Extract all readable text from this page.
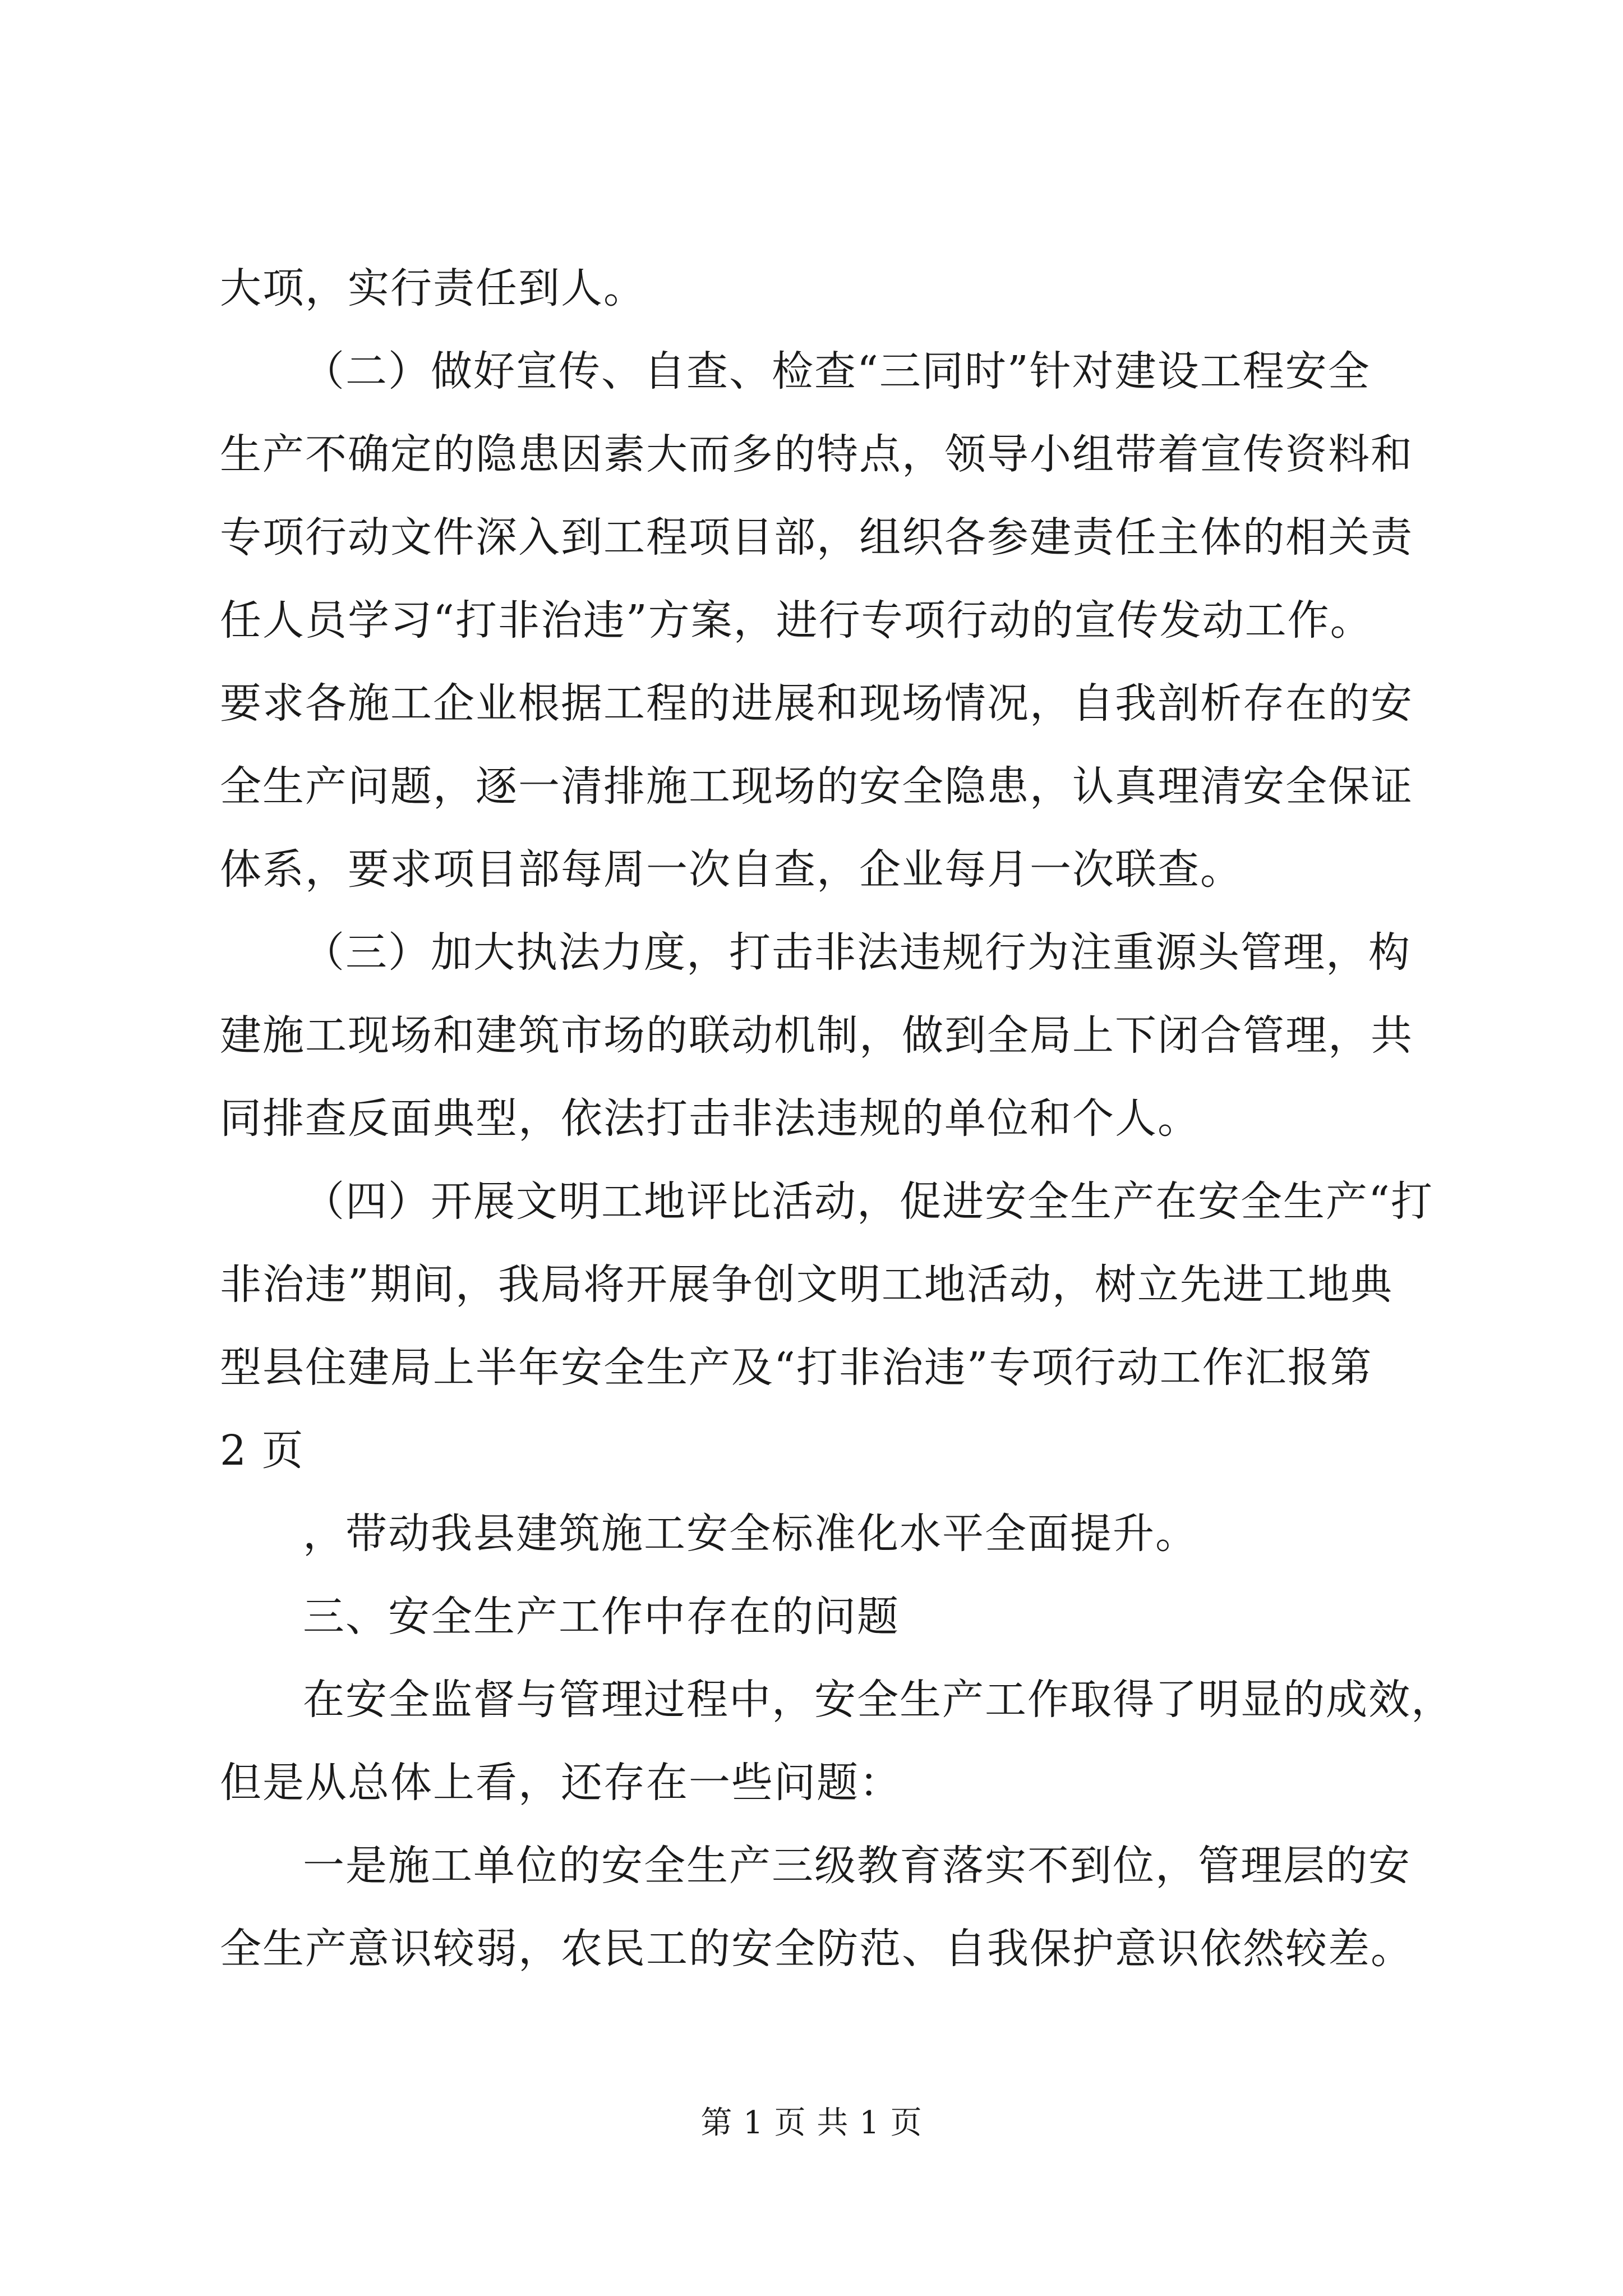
大项，实行责任到人。
（二）做好宣传、自查、检查“三同时”针对建设工程安全
生产不确定的隐患因素大而多的特点，领导小组带着宣传资料和
专项行动文件深入到工程项目部，组织各参建责任主体的相关责
任人员学习“打非治违”方案，进行专项行动的宣传发动工作。
要求各施工企业根据工程的进展和现场情况，自我剖析存在的安
全生产问题，逐一清排施工现场的安全隐患，认真理清安全保证
体系，要求项目部每周一次自查，企业每月一次联查。
（三）加大执法力度，打击非法违规行为注重源头管理，构
建施工现场和建筑市场的联动机制，做到全局上下闭合管理，共
同排查反面典型，依法打击非法违规的单位和个人。
（四）开展文明工地评比活动，促进安全生产在安全生产“打
非治违”期间，我局将开展争创文明工地活动，树立先进工地典
型县住建局上半年安全生产及“打非治违”专项行动工作汇报第
2 页
，带动我县建筑施工安全标准化水平全面提升。
三、安全生产工作中存在的问题
在安全监督与管理过程中，安全生产工作取得了明显的成效，
但是从总体上看，还存在一些问题：
一是施工单位的安全生产三级教育落实不到位，管理层的安
全生产意识较弱，农民工的安全防范、自我保护意识依然较差。
第 1 页 共 1 页
